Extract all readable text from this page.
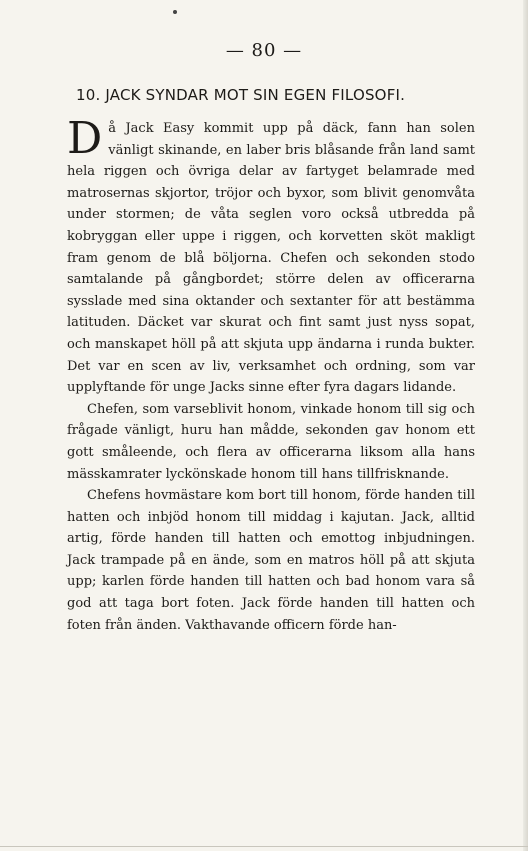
— 80 —
10. JACK SYNDAR MOT SIN EGEN FILOSOFI.

Då Jack Easy kommit upp på däck, fann han solen vänligt skinande, en laber bris blåsande från land samt hela riggen och övriga delar av fartyget belamrade med matrosernas skjortor, tröjor och byxor, som blivit genomvåta under stormen; de våta seglen voro också utbredda på kobryggan eller uppe i riggen, och korvetten sköt makligt fram genom de blå böljorna. Chefen och sekonden stodo samtalande på gångbordet; större delen av officerarna sysslade med sina oktander och sextanter för att bestämma latituden. Däcket var skurat och fint samt just nyss sopat, och manskapet höll på att skjuta upp ändarna i runda bukter. Det var en scen av liv, verksamhet och ordning, som var upplyftande för unge Jacks sinne efter fyra dagars lidande.

Chefen, som varseblivit honom, vinkade honom till sig och frågade vänligt, huru han mådde, sekonden gav honom ett gott småleende, och flera av officerarna liksom alla hans mässkamrater lyckönskade honom till hans tillfrisknande.

Chefens hovmästare kom bort till honom, förde handen till hatten och inbjöd honom till middag i kajutan. Jack, alltid artig, förde handen till hatten och emottog inbjudningen. Jack trampade på en ände, som en matros höll på att skjuta upp; karlen förde handen till hatten och bad honom vara så god att taga bort foten. Jack förde handen till hatten och foten från änden. Vakthavande officern förde han-
